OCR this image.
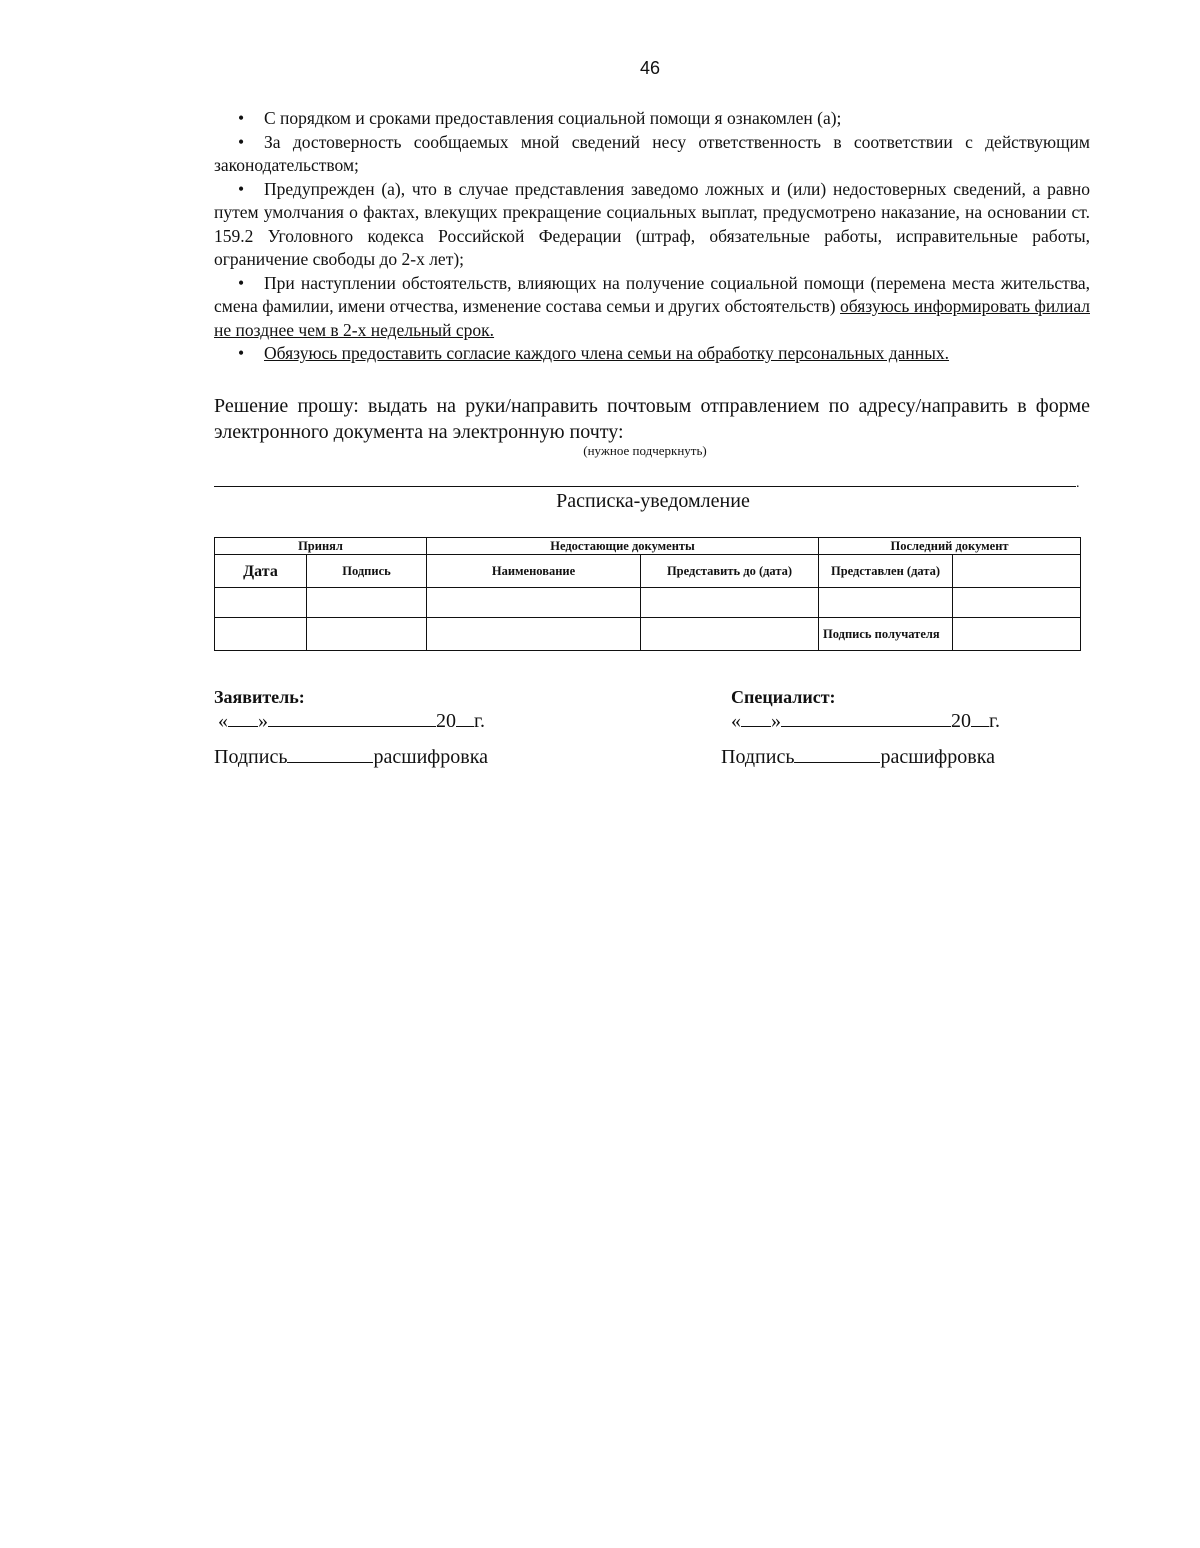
46

• С порядком и сроками предоставления социальной помощи я ознакомлен (а);

• За достоверность сообщаемых мной сведений несу ответственность в соответствии с действующим законодательством;

• Предупрежден (а), что в случае представления заведомо ложных и (или) недостоверных сведений, а равно путем умолчания о фактах, влекущих прекращение социальных выплат, предусмотрено наказание, на основании ст. 159.2 Уголовного кодекса Российской Федерации (штраф, обязательные работы, исправительные работы, ограничение свободы до 2-х лет);

• При наступлении обстоятельств, влияющих на получение социальной помощи (перемена места жительства, смена фамилии, имени отчества, изменение состава семьи и других обстоятельств) обязуюсь информировать филиал не позднее чем в 2-х недельный срок.

• Обязуюсь предоставить согласие каждого члена семьи на обработку персональных данных.

Решение прошу: выдать на руки/направить почтовым отправлением по адресу/направить в форме электронного документа на электронную почту:
(нужное подчеркнуть)
.
Расписка-уведомление
Принял		Недостающие документы		Последний документ	
Дата	Подпись	Наименование	Представить до (дата)	Представлен (дата)	

				Подпись получателя	
Заявитель:
« »	20 г.
Подпись	расшифровка
Специалист:
« »	20 г.
Подпись	расшифровка
